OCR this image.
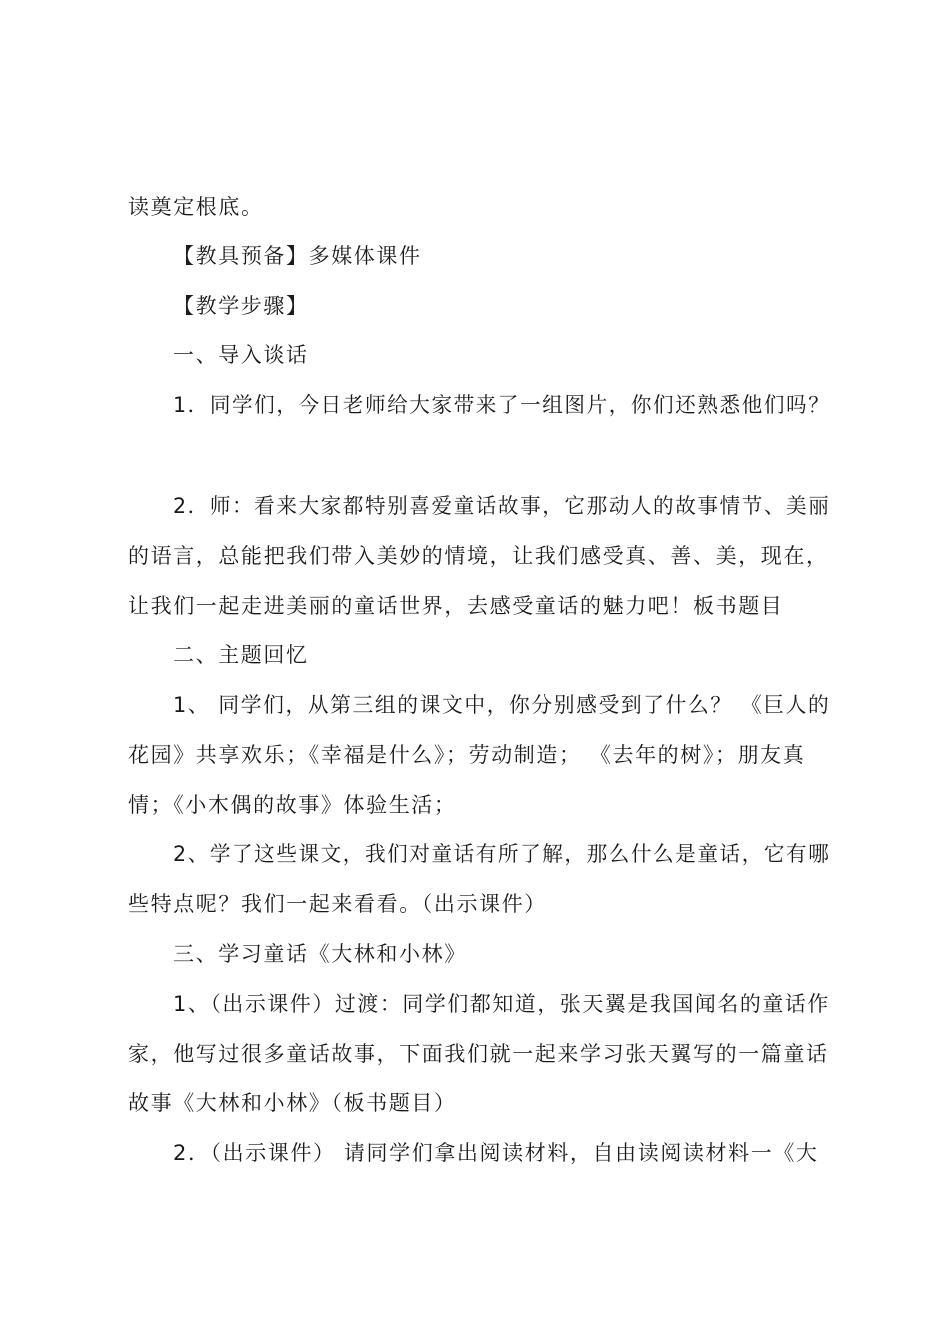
读奠定根底。
【教具预备】多媒体课件
【教学步骤】
一、导入谈话
1．同学们，今日老师给大家带来了一组图片，你们还熟悉他们吗？
2．师：看来大家都特别喜爱童话故事，它那动人的故事情节、美丽
的语言，总能把我们带入美妙的情境，让我们感受真、善、美，现在，
让我们一起走进美丽的童话世界，去感受童话的魅力吧！板书题目
二、主题回忆
1、 同学们，从第三组的课文中，你分别感受到了什么？ 《巨人的
花园》共享欢乐；《幸福是什么》；劳动制造； 《去年的树》；朋友真
情；《小木偶的故事》体验生活；
2、学了这些课文，我们对童话有所了解，那么什么是童话，它有哪
些特点呢？我们一起来看看。（出示课件）
三、学习童话《大林和小林》
1、（出示课件）过渡：同学们都知道，张天翼是我国闻名的童话作
家，他写过很多童话故事，下面我们就一起来学习张天翼写的一篇童话
故事《大林和小林》（板书题目）
2．（出示课件） 请同学们拿出阅读材料，自由读阅读材料一《大
